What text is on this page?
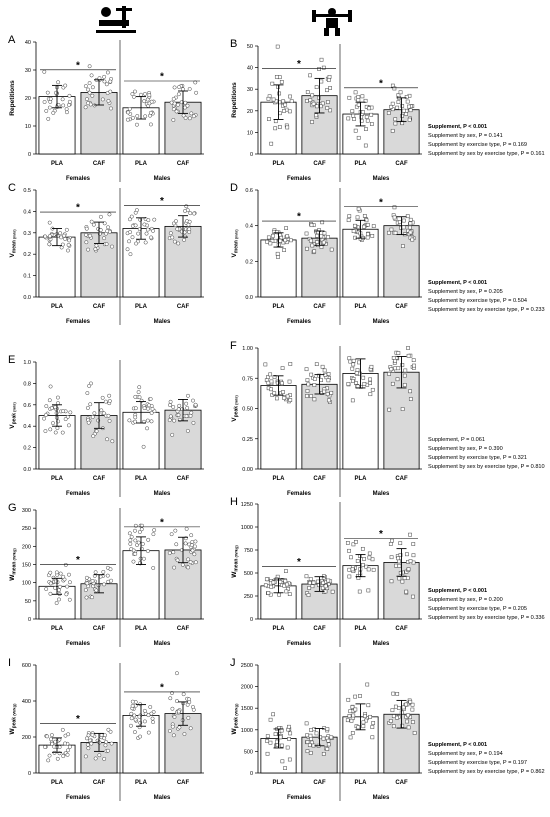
A
0
10
20
30
40
Repetitions
PLA	CAF
Females
*
PLA	CAF
Males
*
B
0
10
20
30
40
50
Repetitions
PLA	CAF
Females
*
PLA	CAF
Males
*
C
0.0
0.1
0.2
0.3
0.4
0.5
$V_{mean}$ (m/s)
PLA	CAF
Females
*
PLA	CAF
Males
*
D
0.0
0.2
0.4
0.6
$V_{mean}$ (m/s)
PLA	CAF
Females
*
PLA	CAF
Males
*
E
0.0
0.2
0.4
0.6
0.8
1.0
$V_{peak}$ (m/s)
PLA	CAF
Females
PLA	CAF
Males
F
0.00
0.25
0.50
0.75
1.00
$V_{peak}$ (m/s)
PLA	CAF
Females
PLA	CAF
Males
G
0
50
100
150
200
250
300
$W_{mean}$ (W/kg)
PLA	CAF
Females
*
PLA	CAF
Males
*
H
0
250
500
750
1000
1250
$W_{mean}$ (W/kg)
PLA	CAF
Females
*
PLA	CAF
Males
*
I
0
200
400
600
$W_{peak}$ (W/kg)
PLA	CAF
Females
*
PLA	CAF
Males
*
J
0
500
1000
1500
2000
2500
$W_{peak}$ (W/kg)
PLA	CAF
Females
PLA	CAF
Males
Supplement, P < 0.001
Supplement by sex, P = 0.141
Supplement by exercise type, P = 0.169
Supplement by sex by exercise type, P = 0.161
Supplement, P < 0.001
Supplement by sex, P = 0.205
Supplement by exercise type, P = 0.504
Supplement by sex by exercise type, P = 0.233
Supplement, P = 0.061
Supplement by sex, P = 0.390
Supplement by exercise type, P = 0.321
Supplement by sex by exercise type, P = 0.810
Supplement, P < 0.001
Supplement by sex, P = 0.200
Supplement by exercise type, P = 0.205
Supplement by sex by exercise type, P = 0.336
Supplement, P < 0.001
Supplement by sex, P = 0.194
Supplement by exercise type, P = 0.197
Supplement by sex by exercise type, P = 0.862
